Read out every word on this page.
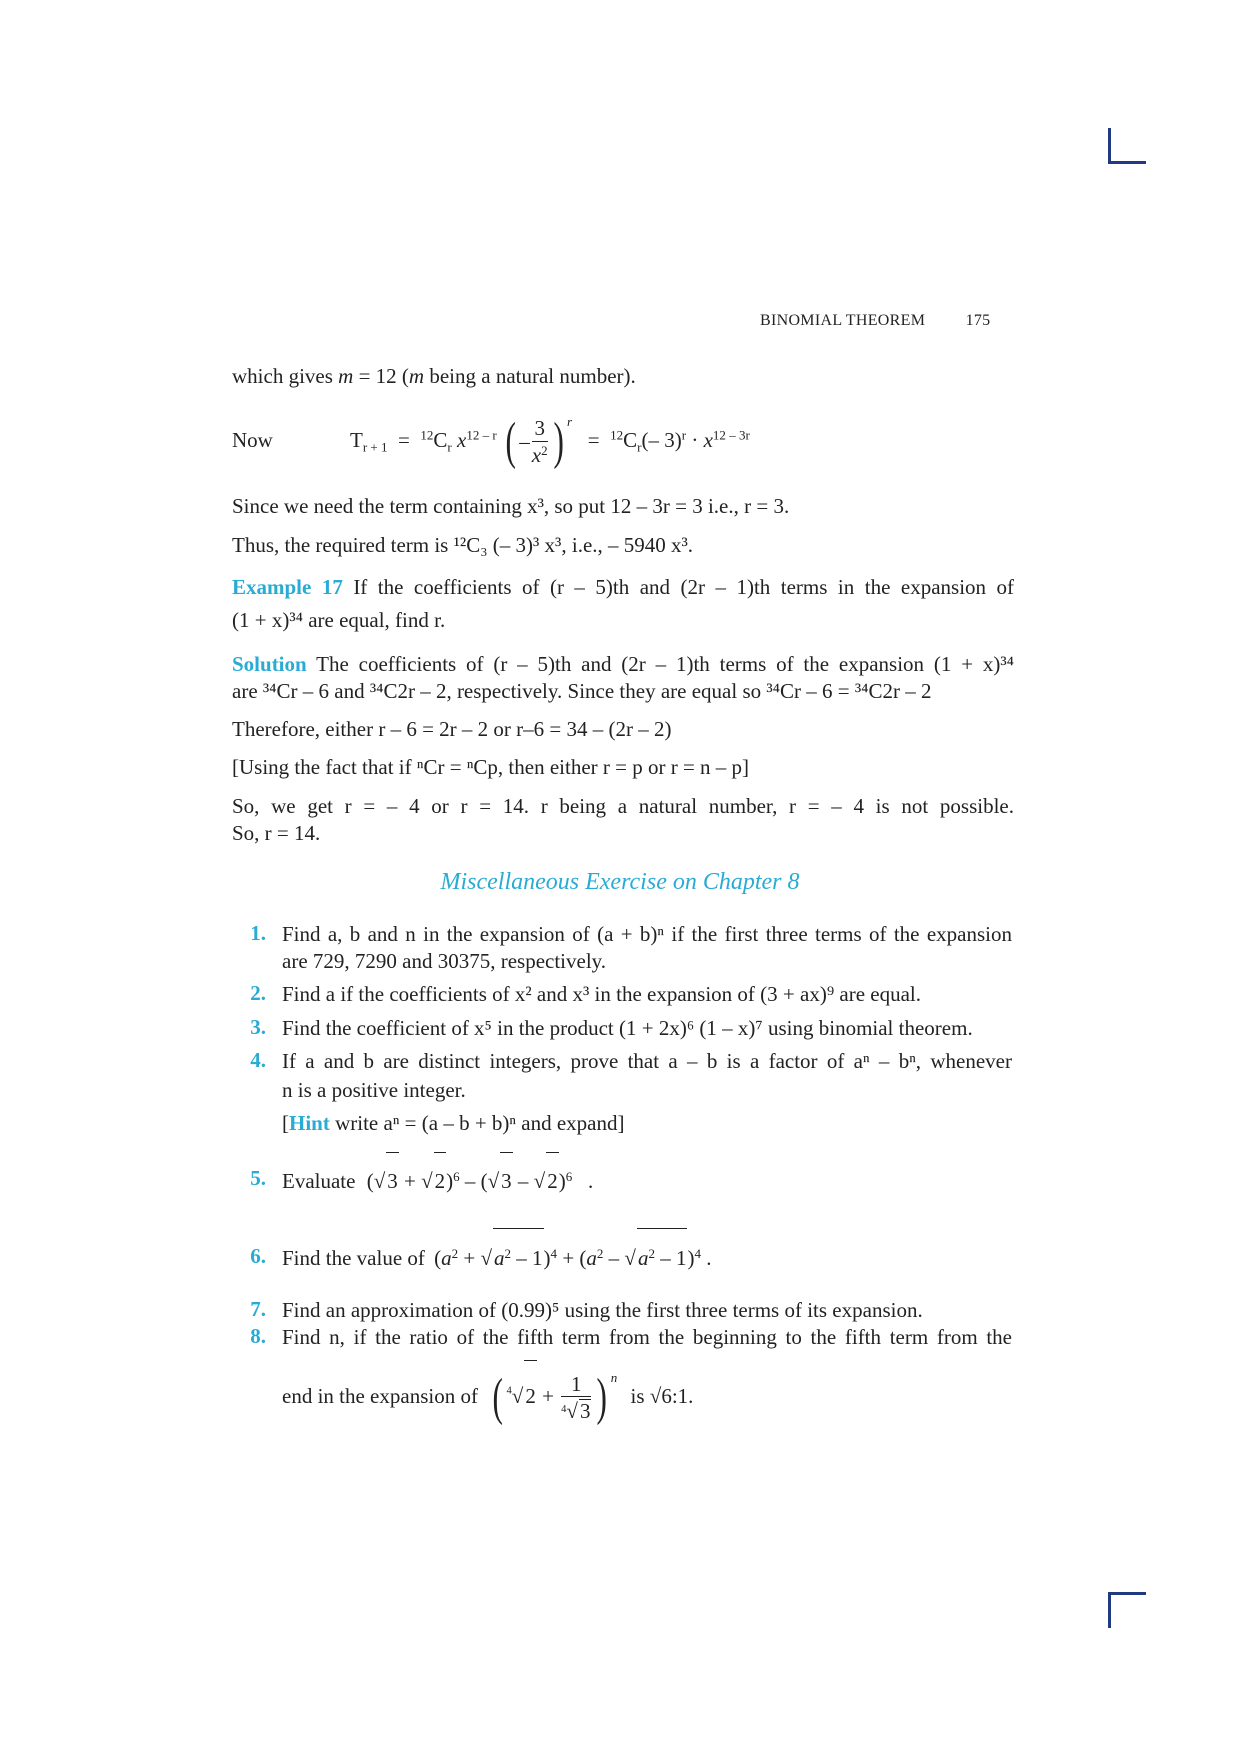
BINOMIAL THEOREM	175
which gives m = 12 (m being a natural number).
Now	$T_{r + 1} = ^{12}C_r$ $x^{12 - r}$ ( – $\frac{3}{x^2}$ ) $^r = ^{12}C_r(-$ $3)^r \cdot x^{12 - 3r}$
Since we need the term containing x³, so put 12 – 3r = 3 i.e., r = 3.
Thus, the required term is ¹²C₃ (– 3)³ x³, i.e., – 5940 x³.
Example 17 If the coefficients of (r – 5)th and (2r – 1)th terms in the expansion of
(1 + x)³⁴ are equal, find r.
Solution The coefficients of (r – 5)th and (2r – 1)th terms of the expansion (1 + x)³⁴
are ³⁴Cr – 6 and ³⁴C2r – 2, respectively. Since they are equal so ³⁴Cr – 6 = ³⁴C2r – 2
Therefore, either r – 6 = 2r – 2 or r–6 = 34 – (2r – 2)
[Using the fact that if ⁿCr = ⁿCp, then either r = p or r = n – p]
So, we get r = – 4 or r = 14. r being a natural number, r = – 4 is not possible.
So, r = 14.
Miscellaneous Exercise on Chapter 8
1. Find a, b and n in the expansion of (a + b)ⁿ if the first three terms of the expansion
are 729, 7290 and 30375, respectively.
2. Find a if the coefficients of x² and x³ in the expansion of (3 + ax)⁹ are equal.
3. Find the coefficient of x⁵ in the product (1 + 2x)⁶ (1 – x)⁷ using binomial theorem.
4. If a and b are distinct integers, prove that a – b is a factor of aⁿ – bⁿ, whenever
n is a positive integer.
[Hint write aⁿ = (a – b + b)ⁿ and expand]
5. Evaluate $(√3 + √2)^6 - (√3 - √2)^6$   .
6. Find the value of $(a^2 + √a^2 - 1)^4 + (a^2 - √a^2 - 1)^4$ .
7. Find an approximation of (0.99)⁵ using the first three terms of its expansion.
8. Find n, if the ratio of the fifth term from the beginning to the fifth term from the
end in the expansion of ( $^4√2 + \frac{1}{^4√3}$ ) $^n$ is √6:1.
